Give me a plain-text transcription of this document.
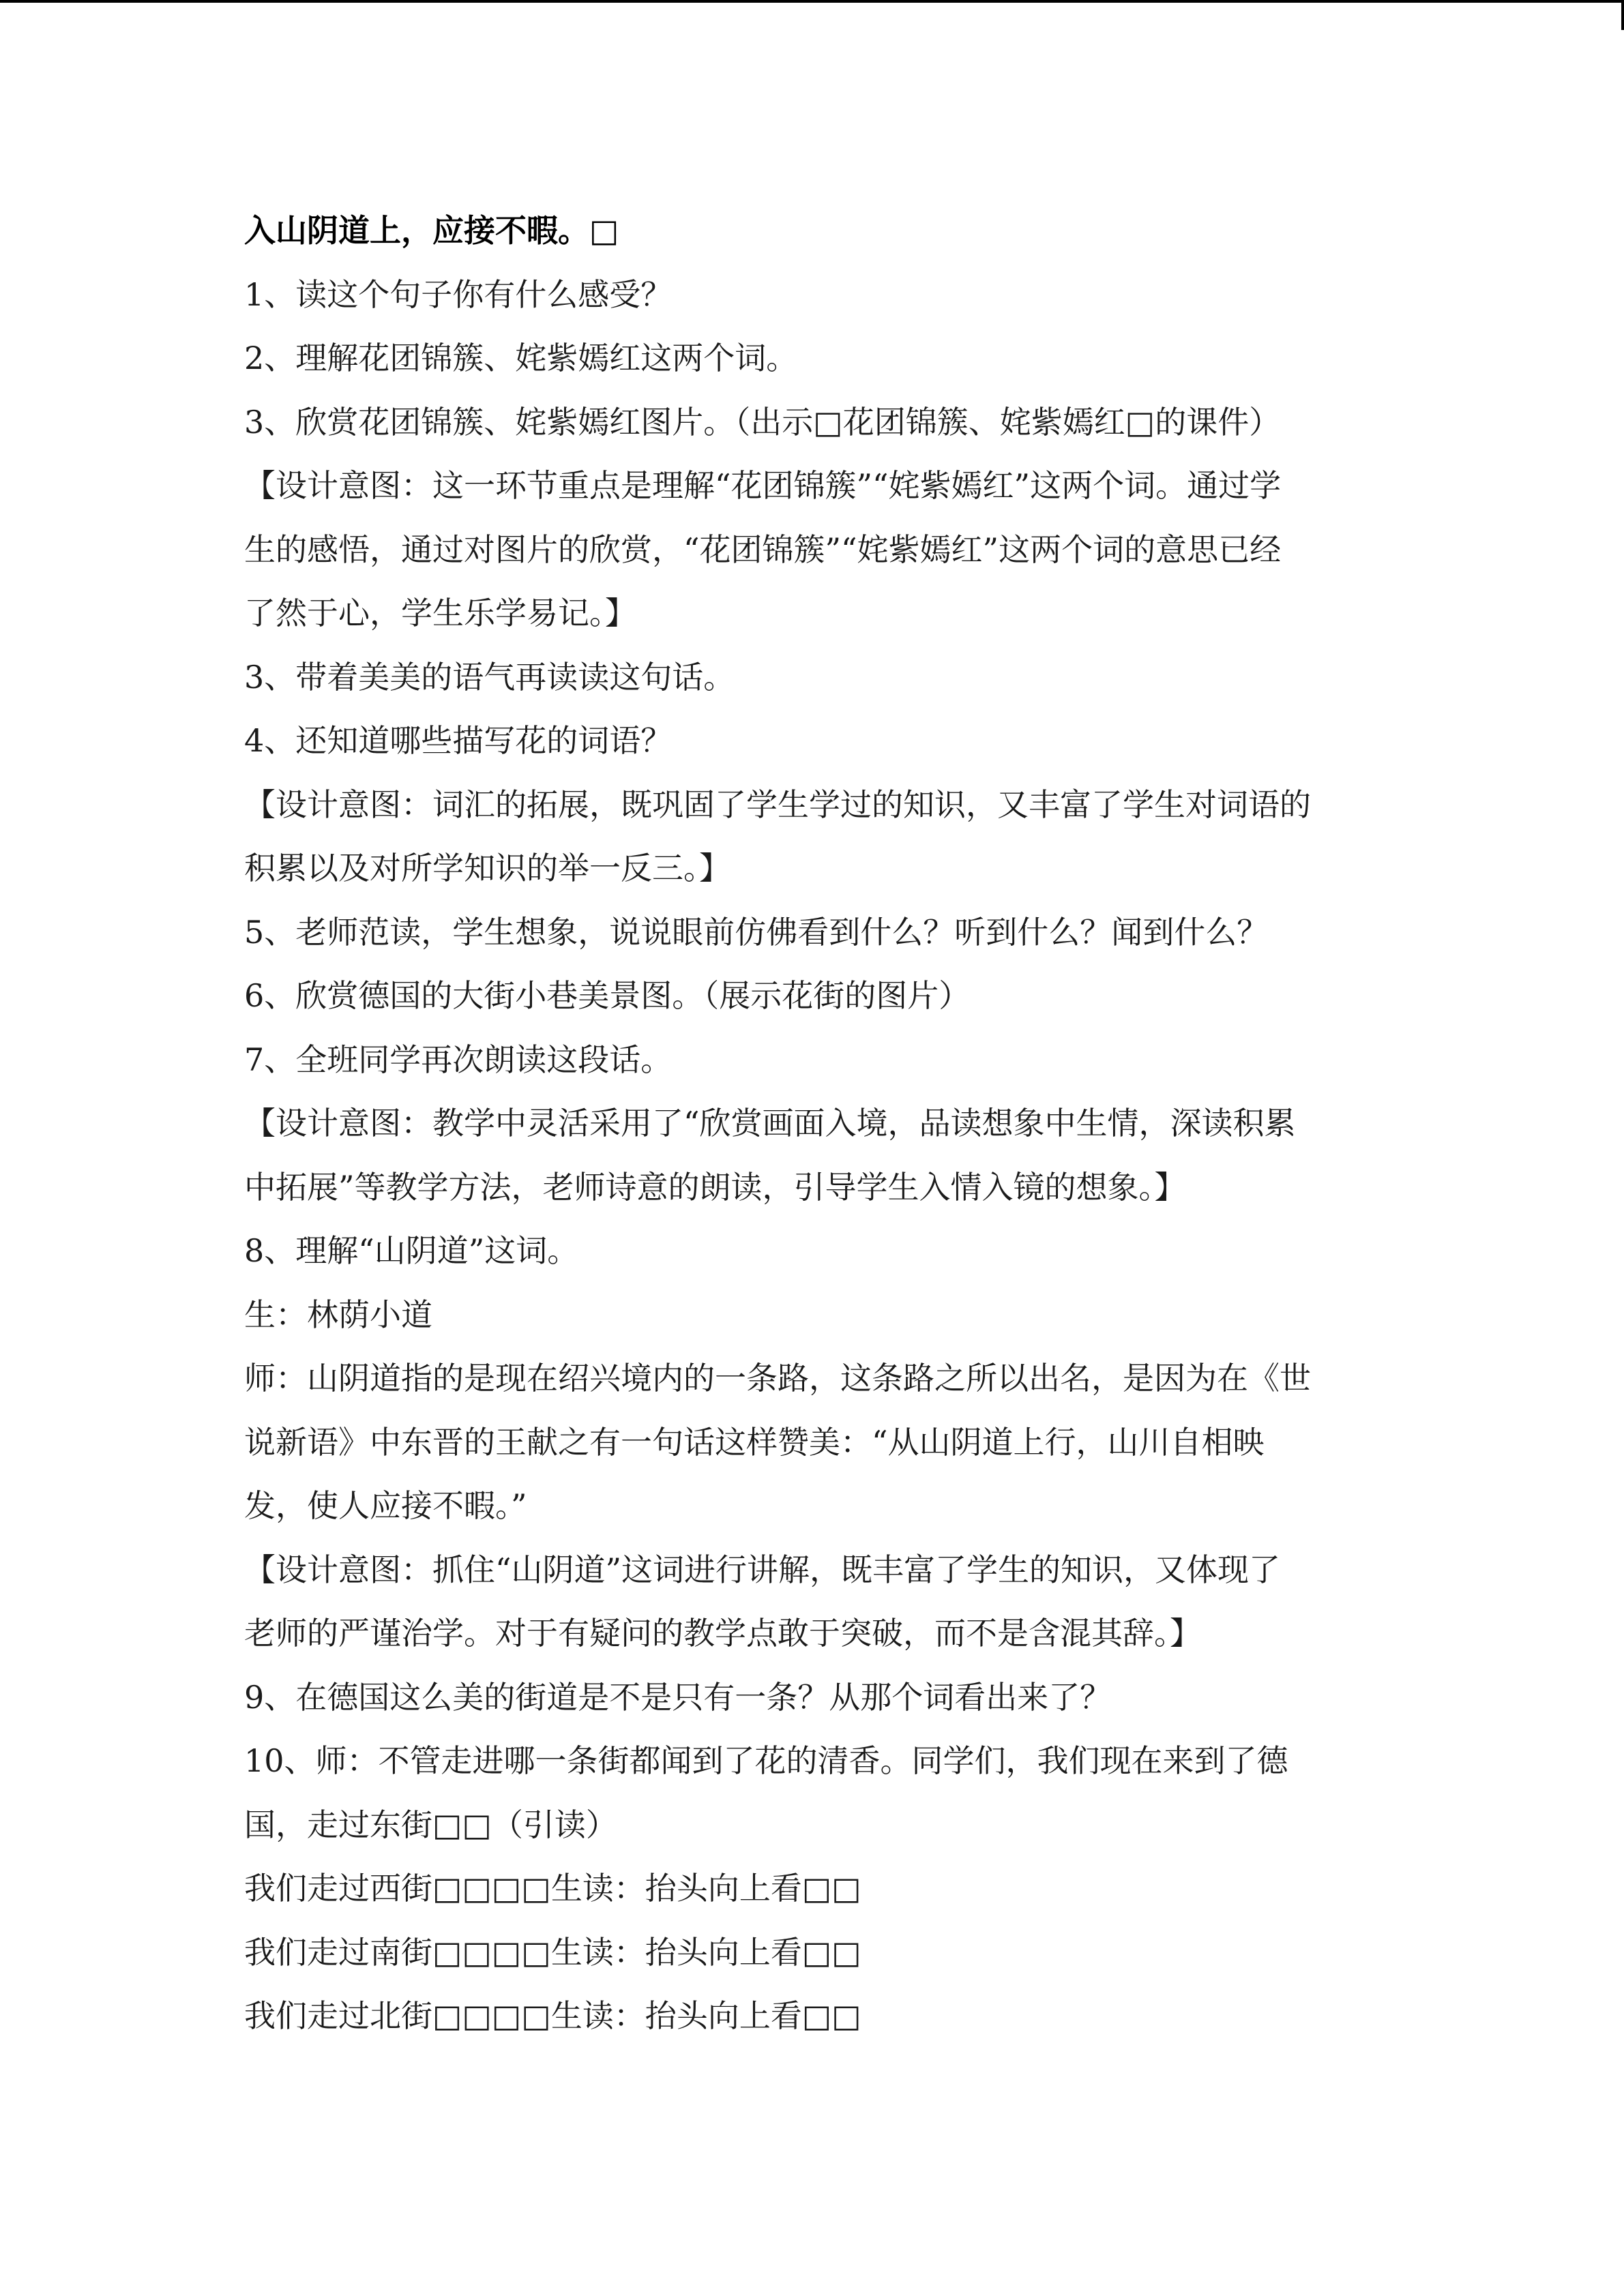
入山阴道上，应接不暇。□

1、读这个句子你有什么感受？

2、理解花团锦簇、姹紫嫣红这两个词。

3、欣赏花团锦簇、姹紫嫣红图片。（出示□花团锦簇、姹紫嫣红□的课件）

【设计意图：这一环节重点是理解“花团锦簇”“姹紫嫣红”这两个词。通过学

生的感悟，通过对图片的欣赏，“花团锦簇”“姹紫嫣红”这两个词的意思已经

了然于心，学生乐学易记。】

3、带着美美的语气再读读这句话。

4、还知道哪些描写花的词语？

【设计意图：词汇的拓展，既巩固了学生学过的知识，又丰富了学生对词语的

积累以及对所学知识的举一反三。】

5、老师范读，学生想象，说说眼前仿佛看到什么？听到什么？闻到什么？

6、欣赏德国的大街小巷美景图。（展示花街的图片）

7、全班同学再次朗读这段话。

【设计意图：教学中灵活采用了“欣赏画面入境，品读想象中生情，深读积累

中拓展”等教学方法，老师诗意的朗读，引导学生入情入镜的想象。】

8、理解“山阴道”这词。

生：林荫小道

师：山阴道指的是现在绍兴境内的一条路，这条路之所以出名，是因为在《世

说新语》中东晋的王献之有一句话这样赞美：“从山阴道上行，山川自相映

发，使人应接不暇。”

【设计意图：抓住“山阴道”这词进行讲解，既丰富了学生的知识，又体现了

老师的严谨治学。对于有疑问的教学点敢于突破，而不是含混其辞。】

9、在德国这么美的街道是不是只有一条？从那个词看出来了？

10、师：不管走进哪一条街都闻到了花的清香。同学们，我们现在来到了德

国，走过东街□□（引读）

我们走过西街□□□□生读：抬头向上看□□

我们走过南街□□□□生读：抬头向上看□□

我们走过北街□□□□生读：抬头向上看□□
